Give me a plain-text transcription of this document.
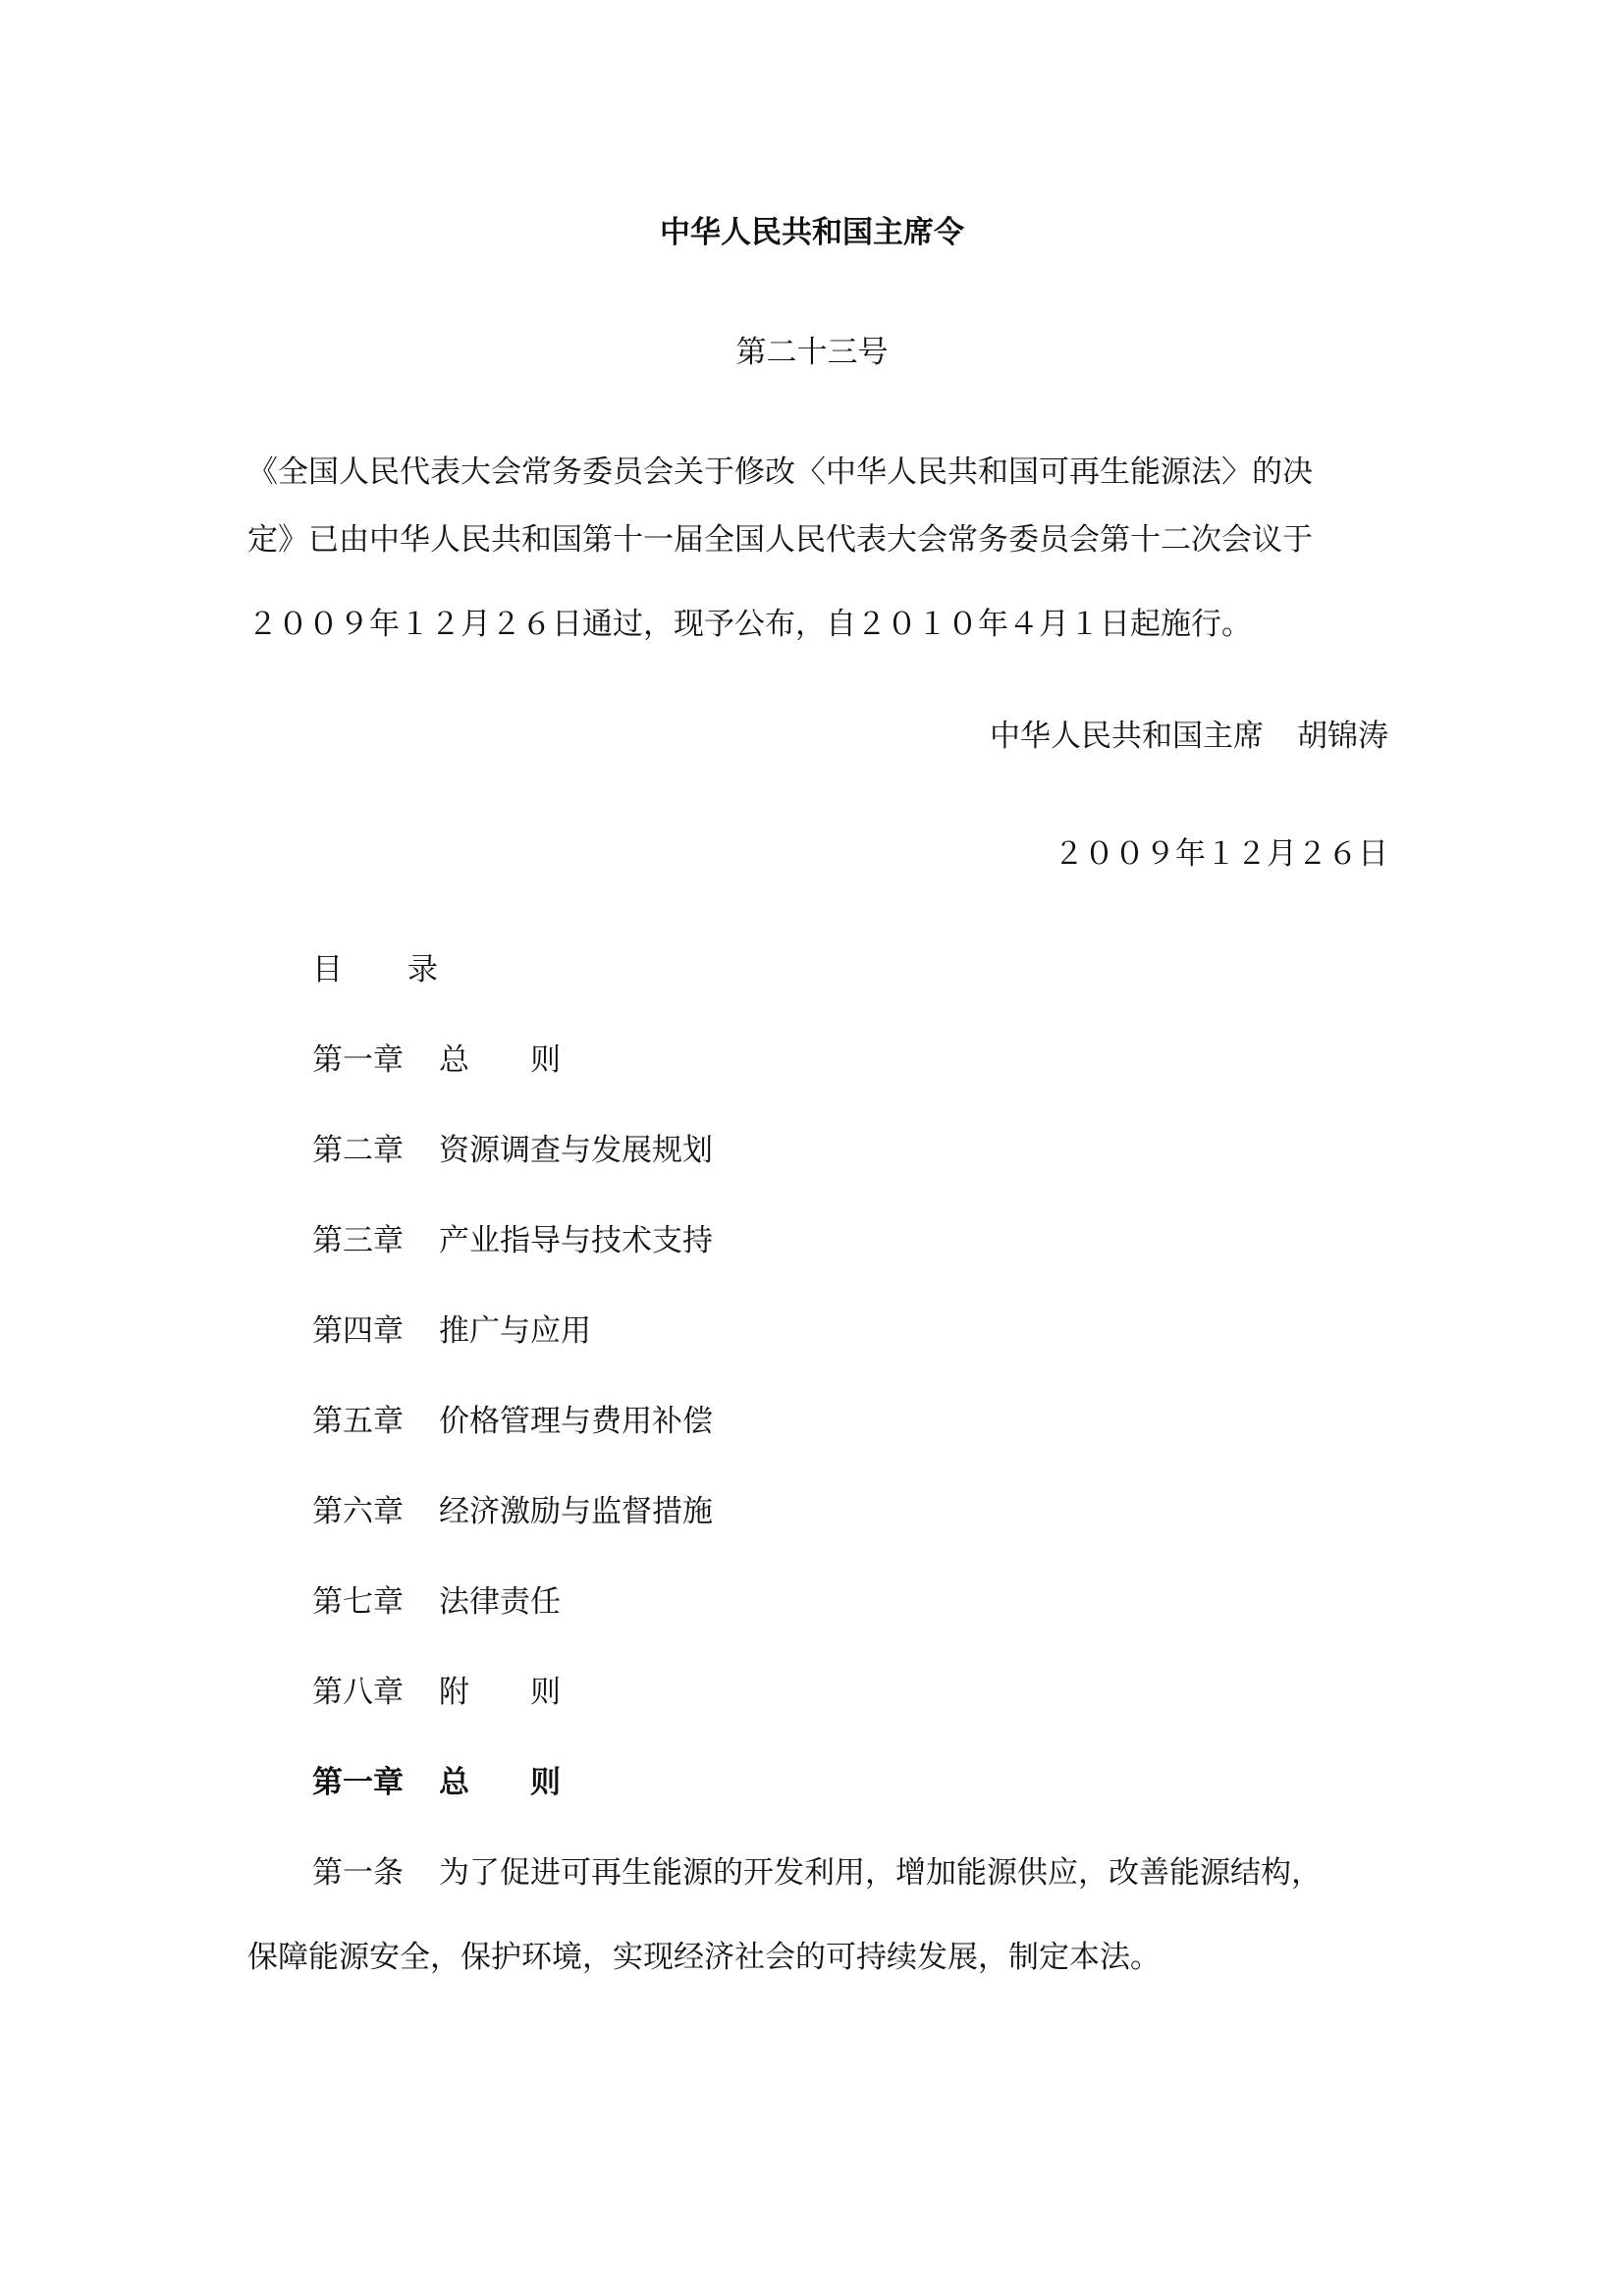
中华人民共和国主席令
第二十三号
《全国人民代表大会常务委员会关于修改〈中华人民共和国可再生能源法〉的决
定》已由中华人民共和国第十一届全国人民代表大会常务委员会第十二次会议于
２００９年１２月２６日通过，现予公布，自２０１０年４月１日起施行。
中华人民共和国主席 胡锦涛
２００９年１２月２６日
目 录
第一章 总　　则
第二章 资源调查与发展规划
第三章 产业指导与技术支持
第四章 推广与应用
第五章 价格管理与费用补偿
第六章 经济激励与监督措施
第七章 法律责任
第八章 附　　则
第一章 总　　则
第一条 为了促进可再生能源的开发利用，增加能源供应，改善能源结构，
保障能源安全，保护环境，实现经济社会的可持续发展，制定本法。
